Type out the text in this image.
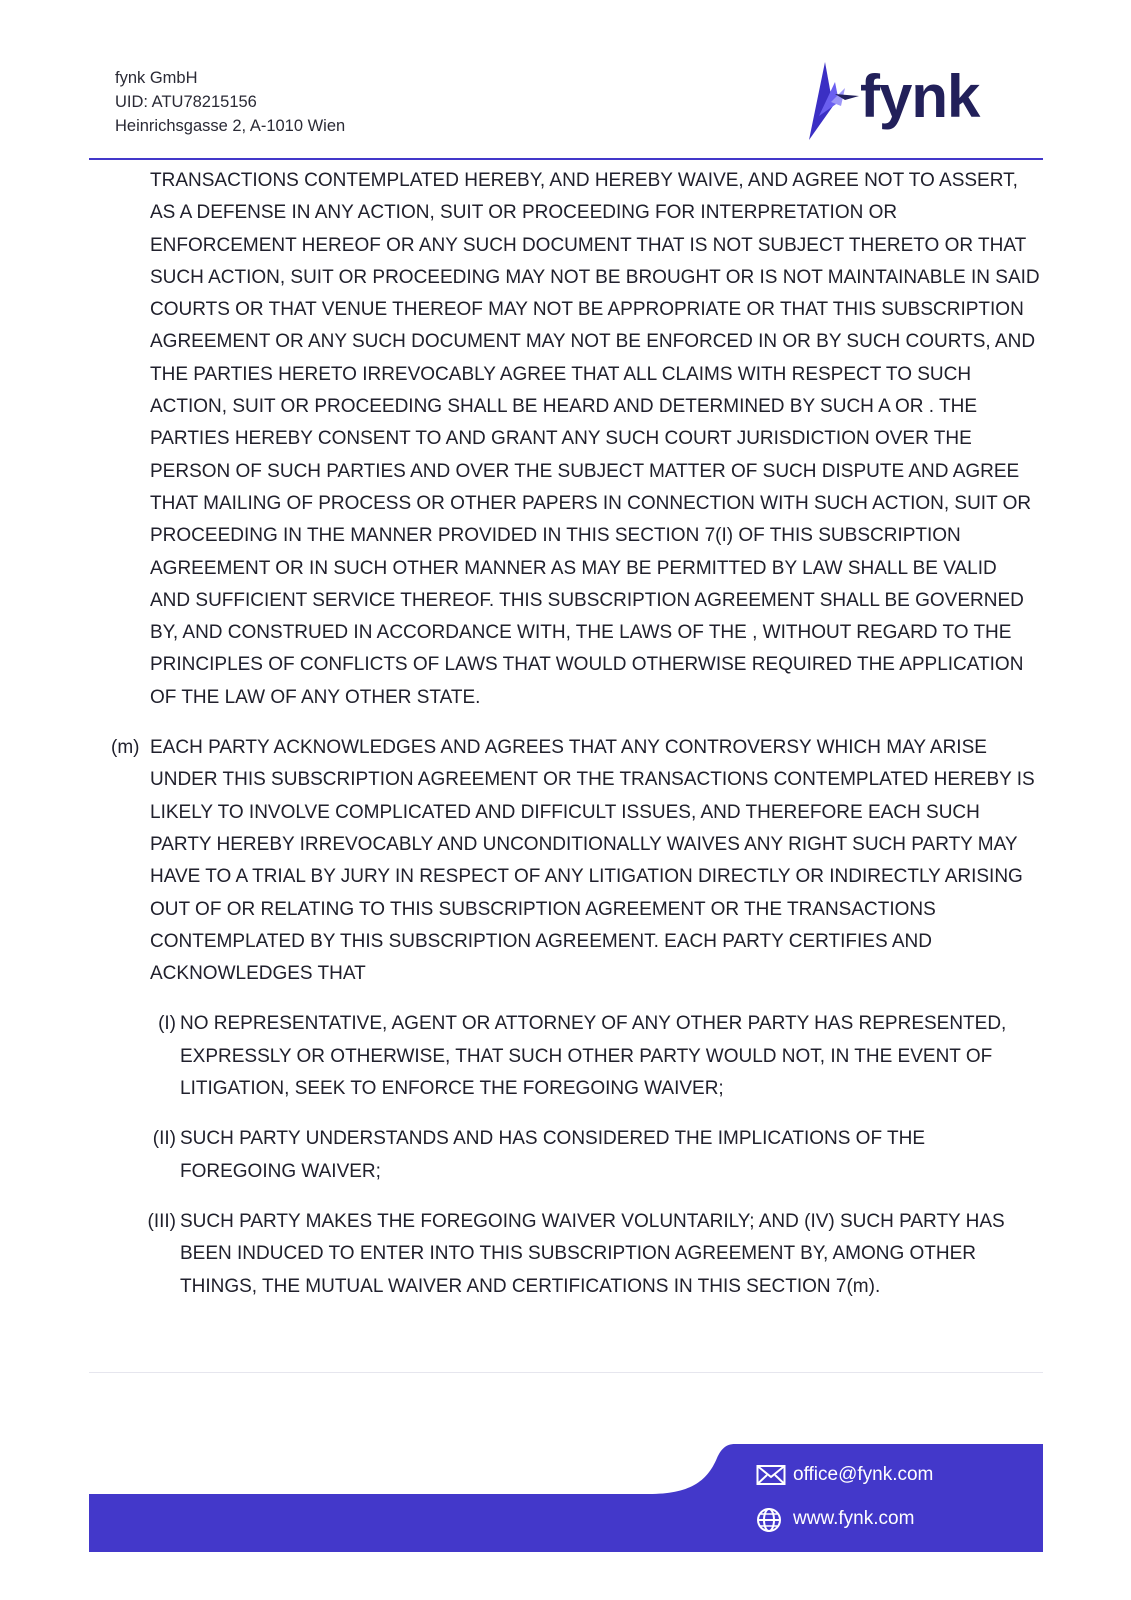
fynk GmbH
UID: ATU78215156
Heinrichsgasse 2, A-1010 Wien	fynk
TRANSACTIONS CONTEMPLATED HEREBY, AND HEREBY WAIVE, AND AGREE NOT TO ASSERT, AS A DEFENSE IN ANY ACTION, SUIT OR PROCEEDING FOR INTERPRETATION OR ENFORCEMENT HEREOF OR ANY SUCH DOCUMENT THAT IS NOT SUBJECT THERETO OR THAT SUCH ACTION, SUIT OR PROCEEDING MAY NOT BE BROUGHT OR IS NOT MAINTAINABLE IN SAID COURTS OR THAT VENUE THEREOF MAY NOT BE APPROPRIATE OR THAT THIS SUBSCRIPTION AGREEMENT OR ANY SUCH DOCUMENT MAY NOT BE ENFORCED IN OR BY SUCH COURTS, AND THE PARTIES HERETO IRREVOCABLY AGREE THAT ALL CLAIMS WITH RESPECT TO SUCH ACTION, SUIT OR PROCEEDING SHALL BE HEARD AND DETERMINED BY SUCH A OR . THE PARTIES HEREBY CONSENT TO AND GRANT ANY SUCH COURT JURISDICTION OVER THE PERSON OF SUCH PARTIES AND OVER THE SUBJECT MATTER OF SUCH DISPUTE AND AGREE THAT MAILING OF PROCESS OR OTHER PAPERS IN CONNECTION WITH SUCH ACTION, SUIT OR PROCEEDING IN THE MANNER PROVIDED IN THIS SECTION 7(I) OF THIS SUBSCRIPTION AGREEMENT OR IN SUCH OTHER MANNER AS MAY BE PERMITTED BY LAW SHALL BE VALID AND SUFFICIENT SERVICE THEREOF. THIS SUBSCRIPTION AGREEMENT SHALL BE GOVERNED BY, AND CONSTRUED IN ACCORDANCE WITH, THE LAWS OF THE , WITHOUT REGARD TO THE PRINCIPLES OF CONFLICTS OF LAWS THAT WOULD OTHERWISE REQUIRED THE APPLICATION OF THE LAW OF ANY OTHER STATE.
(m) EACH PARTY ACKNOWLEDGES AND AGREES THAT ANY CONTROVERSY WHICH MAY ARISE UNDER THIS SUBSCRIPTION AGREEMENT OR THE TRANSACTIONS CONTEMPLATED HEREBY IS LIKELY TO INVOLVE COMPLICATED AND DIFFICULT ISSUES, AND THEREFORE EACH SUCH PARTY HEREBY IRREVOCABLY AND UNCONDITIONALLY WAIVES ANY RIGHT SUCH PARTY MAY HAVE TO A TRIAL BY JURY IN RESPECT OF ANY LITIGATION DIRECTLY OR INDIRECTLY ARISING OUT OF OR RELATING TO THIS SUBSCRIPTION AGREEMENT OR THE TRANSACTIONS CONTEMPLATED BY THIS SUBSCRIPTION AGREEMENT. EACH PARTY CERTIFIES AND ACKNOWLEDGES THAT
(I) NO REPRESENTATIVE, AGENT OR ATTORNEY OF ANY OTHER PARTY HAS REPRESENTED, EXPRESSLY OR OTHERWISE, THAT SUCH OTHER PARTY WOULD NOT, IN THE EVENT OF LITIGATION, SEEK TO ENFORCE THE FOREGOING WAIVER;
(II) SUCH PARTY UNDERSTANDS AND HAS CONSIDERED THE IMPLICATIONS OF THE FOREGOING WAIVER;
(III) SUCH PARTY MAKES THE FOREGOING WAIVER VOLUNTARILY; AND (IV) SUCH PARTY HAS BEEN INDUCED TO ENTER INTO THIS SUBSCRIPTION AGREEMENT BY, AMONG OTHER THINGS, THE MUTUAL WAIVER AND CERTIFICATIONS IN THIS SECTION 7(m).
office@fynk.com
www.fynk.com
